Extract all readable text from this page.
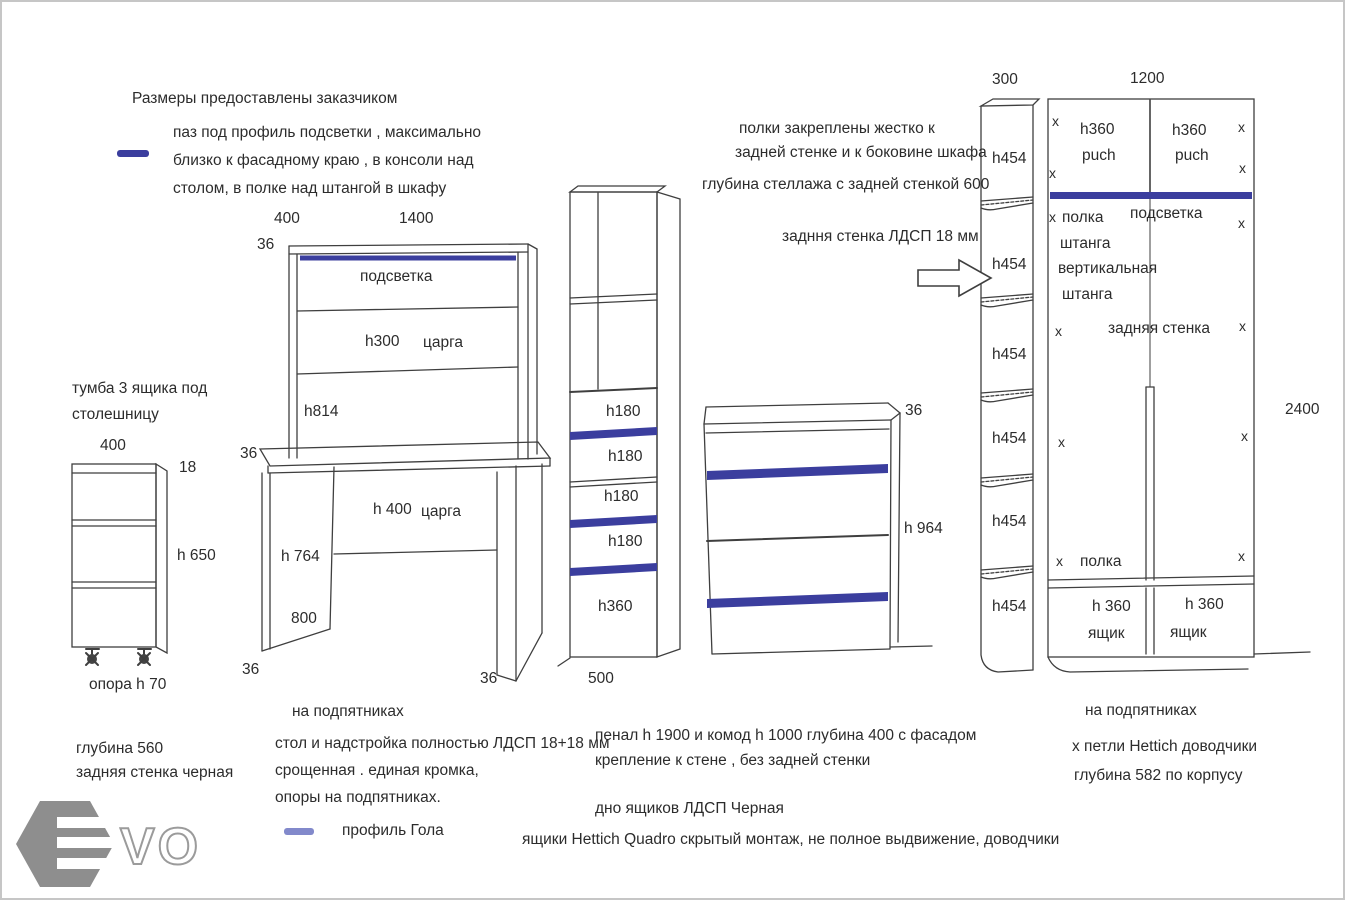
VO
Размеры предоставлены заказчиком
паз под профиль подсветки , максимально
близко к фасадному краю , в консоли над
столом, в полке над штангой в шкафу
тумба 3 ящика под
столешницу
400
18
h 650
опора h 70
глубина 560
задняя стенка черная
400	1400
36
подсветка
h300 царга
h814
36
h 400 царга
h 764
800
36
36
на подпятниках
стол и надстройка полностью ЛДСП 18+18 мм
срощенная . единая кромка,
опоры на подпятниках.
профиль Гола
h180
h180
h180
h180
h360
500
36
h 964
полки закреплены жестко к
задней стенке и к боковине шкафа
глубина стеллажа с задней стенкой 600
задння стенка ЛДСП 18 мм
300	1200
2400
h454
h454
h454
h454
h454
h454
h360
puch
h360
puch
подсветка
полка
штанга
вертикальная
штанга
задняя стенка
полка
h 360
ящик
h 360
ящик
x
x
x
x
x
x
x
x
x
x
x
x
на подпятниках
х петли Hettich доводчики
глубина 582 по корпусу
пенал h 1900 и комод h 1000 глубина 400 с фасадом
крепление к стене , без задней стенки
дно ящиков ЛДСП Черная
ящики Hettich Quadro скрытый монтаж, не полное выдвижение, доводчики
